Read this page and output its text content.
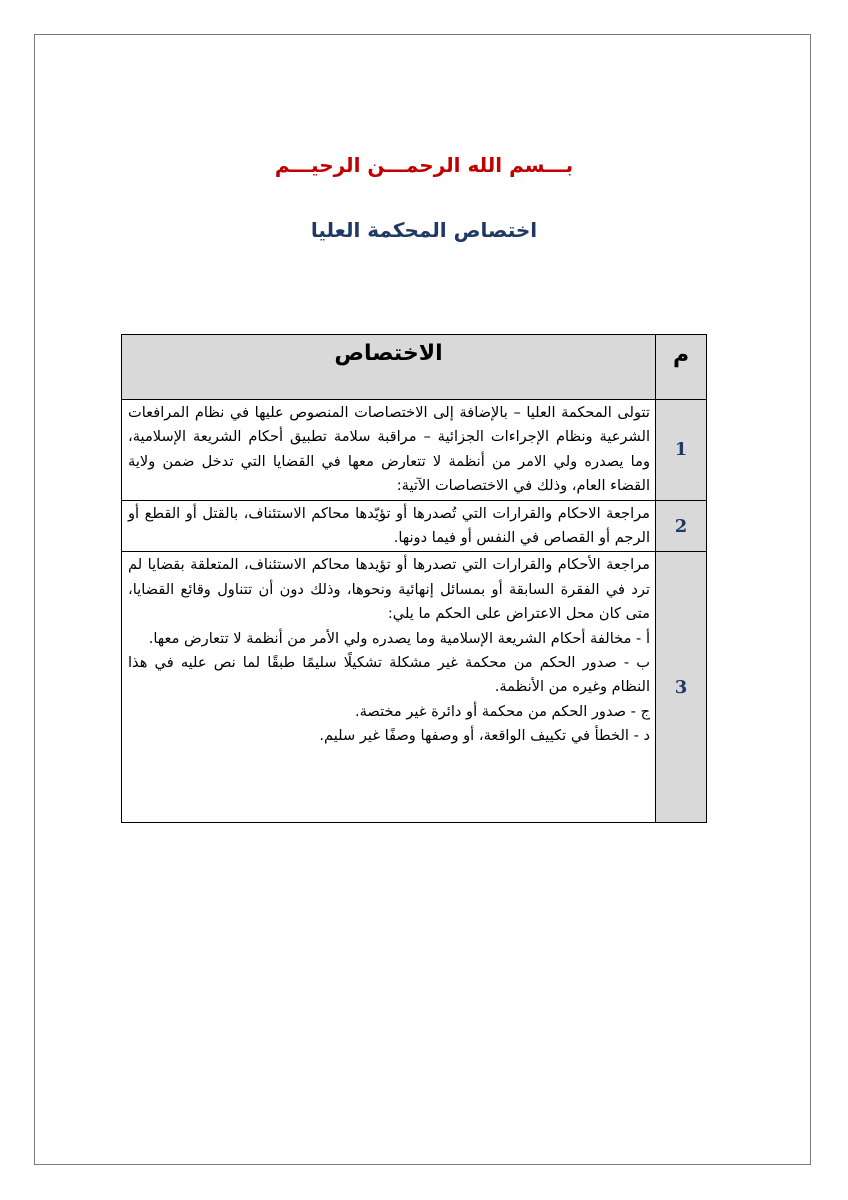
بـــسم الله الرحمـــن الرحيـــم
اختصاص المحكمة العليا
م	الاختصاص
1	تتولى المحكمة العليا – بالإضافة إلى الاختصاصات المنصوص عليها في نظام المرافعات الشرعية ونظام الإجراءات الجزائية – مراقبة سلامة تطبيق أحكام الشريعة الإسلامية، وما يصدره ولي الامر من أنظمة لا تتعارض معها في القضايا التي تدخل ضمن ولاية القضاء العام، وذلك في الاختصاصات الآتية:

2	مراجعة الاحكام والقرارات التي تُصدرها أو تؤيّدها محاكم الاستئناف، بالقتل أو القطع أو الرجم أو القصاص في النفس أو فيما دونها.

3	مراجعة الأحكام والقرارات التي تصدرها أو تؤيدها محاكم الاستئناف، المتعلقة بقضايا لم ترد في الفقرة السابقة أو بمسائل إنهائية ونحوها، وذلك دون أن تتناول وقائع القضايا، متى كان محل الاعتراض على الحكم ما يلي:

أ - مخالفة أحكام الشريعة الإسلامية وما يصدره ولي الأمر من أنظمة لا تتعارض معها.

ب - صدور الحكم من محكمة غير مشكلة تشكيلًا سليمًا طبقًا لما نص عليه في هذا النظام وغيره من الأنظمة.

ج - صدور الحكم من محكمة أو دائرة غير مختصة.

د - الخطأ في تكييف الواقعة، أو وصفها وصفًا غير سليم.
